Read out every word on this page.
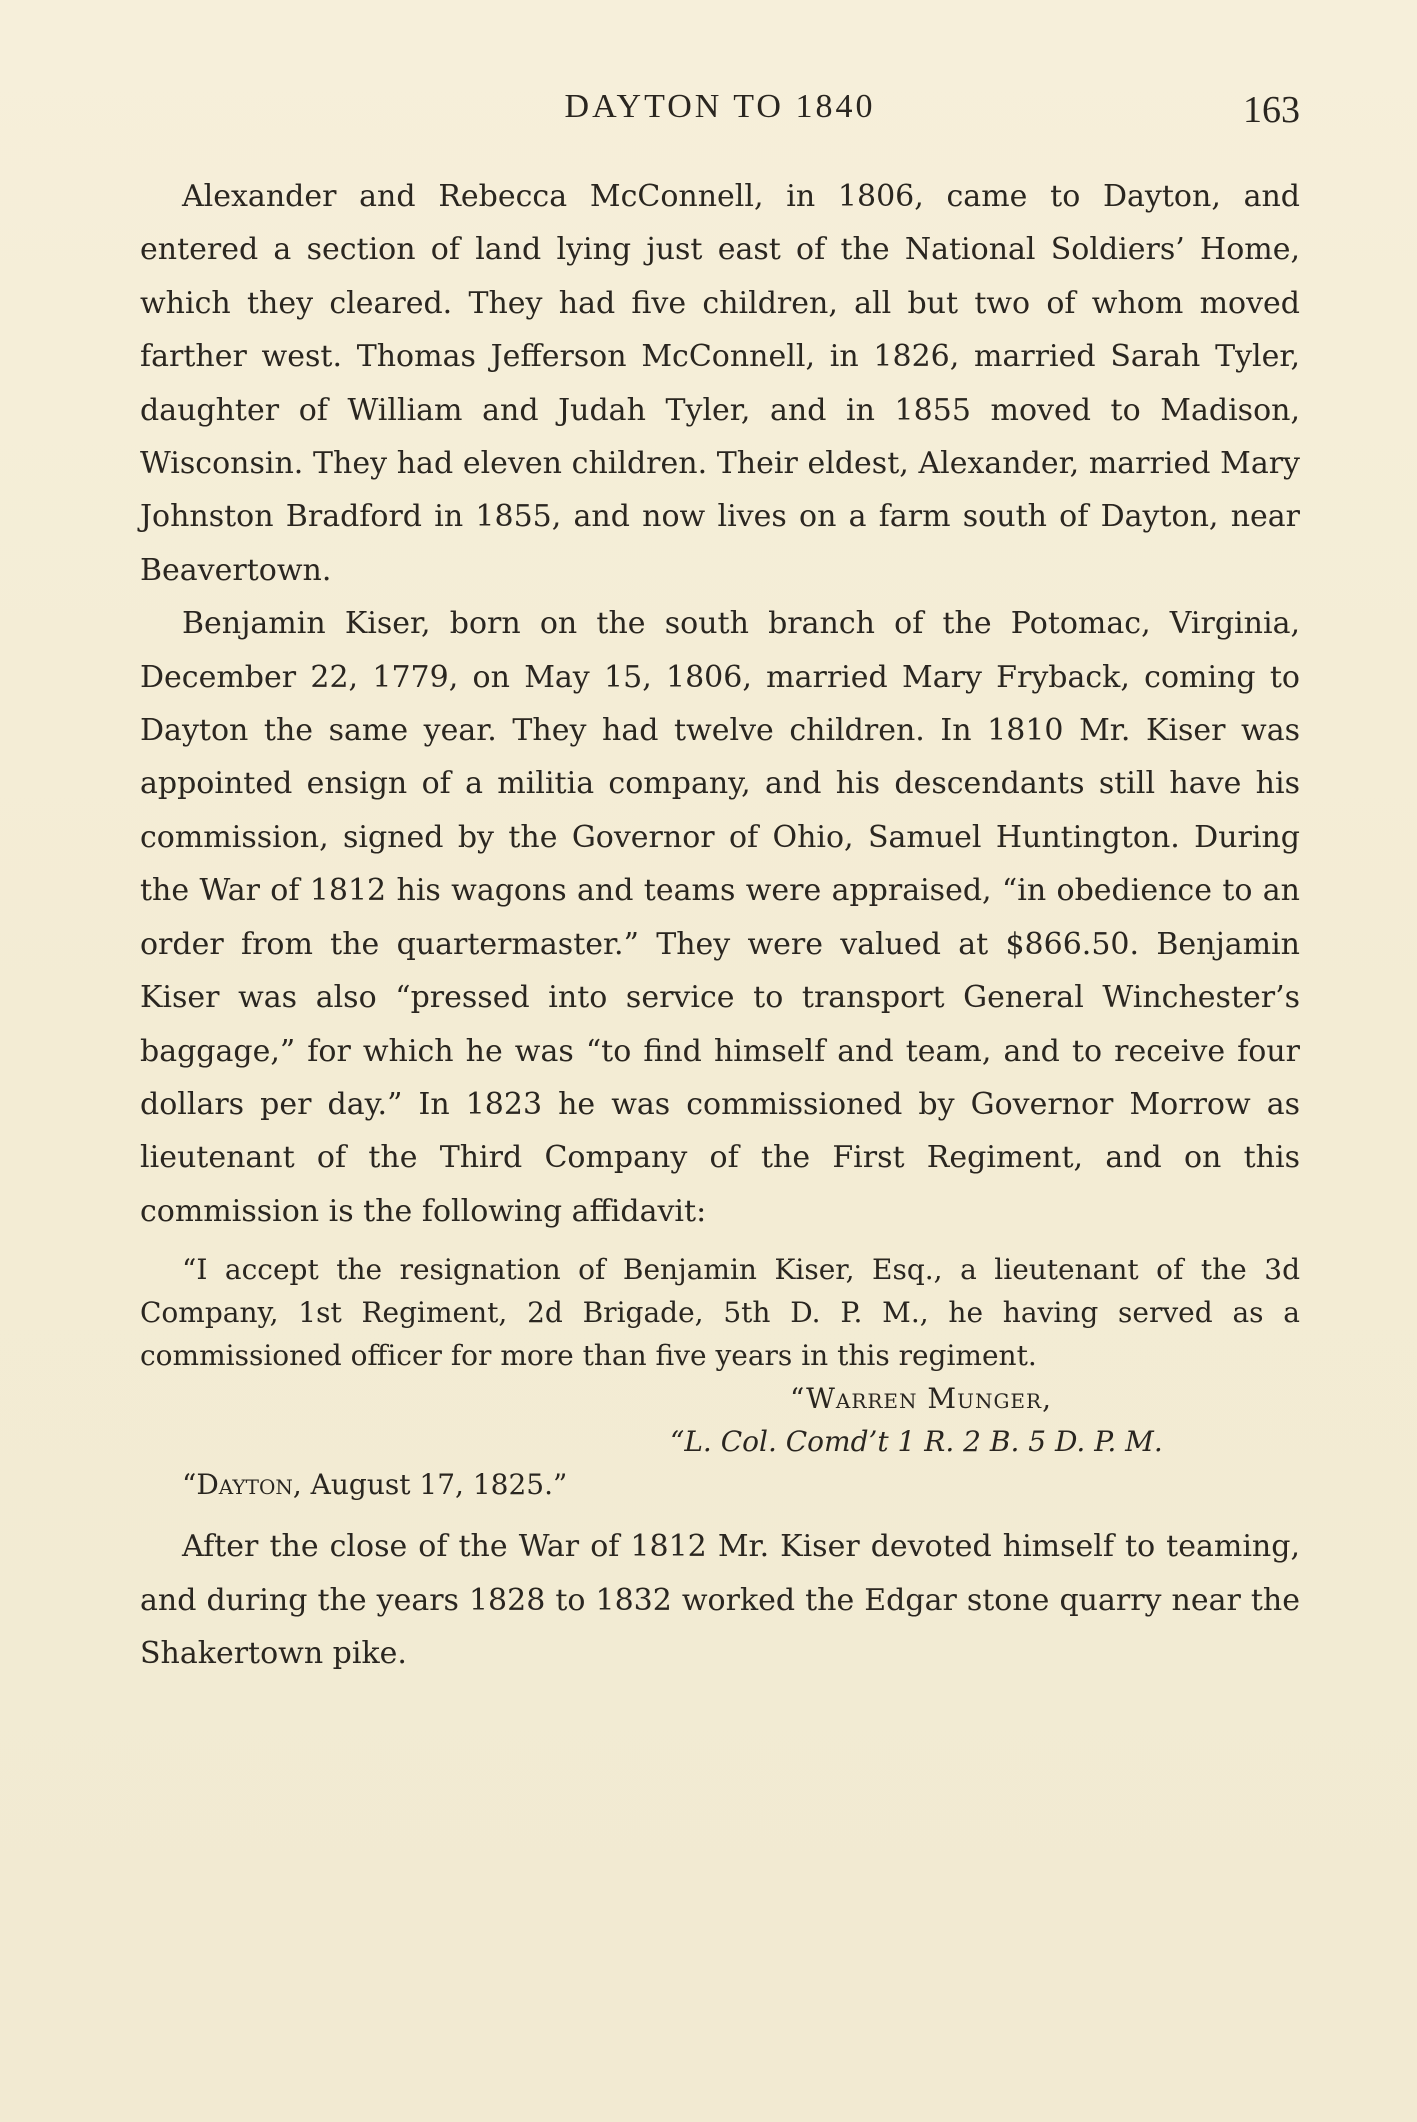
DAYTON TO 1840	163

Alexander and Rebecca McConnell, in 1806, came to Dayton, and entered a section of land lying just east of the National Soldiers’ Home, which they cleared. They had five children, all but two of whom moved farther west. Thomas Jefferson McConnell, in 1826, married Sarah Tyler, daughter of William and Judah Tyler, and in 1855 moved to Madison, Wisconsin. They had eleven children. Their eldest, Alexander, married Mary Johnston Bradford in 1855, and now lives on a farm south of Dayton, near Beavertown.

Benjamin Kiser, born on the south branch of the Potomac, Virginia, December 22, 1779, on May 15, 1806, married Mary Fryback, coming to Dayton the same year. They had twelve children. In 1810 Mr. Kiser was appointed ensign of a militia company, and his descendants still have his commission, signed by the Governor of Ohio, Samuel Huntington. During the War of 1812 his wagons and teams were appraised, “in obedience to an order from the quartermaster.” They were valued at $866.50. Benjamin Kiser was also “pressed into service to transport General Winchester’s baggage,” for which he was “to find himself and team, and to receive four dollars per day.” In 1823 he was commissioned by Governor Morrow as lieutenant of the Third Company of the First Regiment, and on this commission is the following affidavit:

“I accept the resignation of Benjamin Kiser, Esq., a lieutenant of the 3d Company, 1st Regiment, 2d Brigade, 5th D. P. M., he having served as a commissioned officer for more than five years in this regiment.

“Warren Munger,
“L. Col. Comd’t 1 R. 2 B. 5 D. P. M.
“Dayton, August 17, 1825.”

After the close of the War of 1812 Mr. Kiser devoted himself to teaming, and during the years 1828 to 1832 worked the Edgar stone quarry near the Shakertown pike.
